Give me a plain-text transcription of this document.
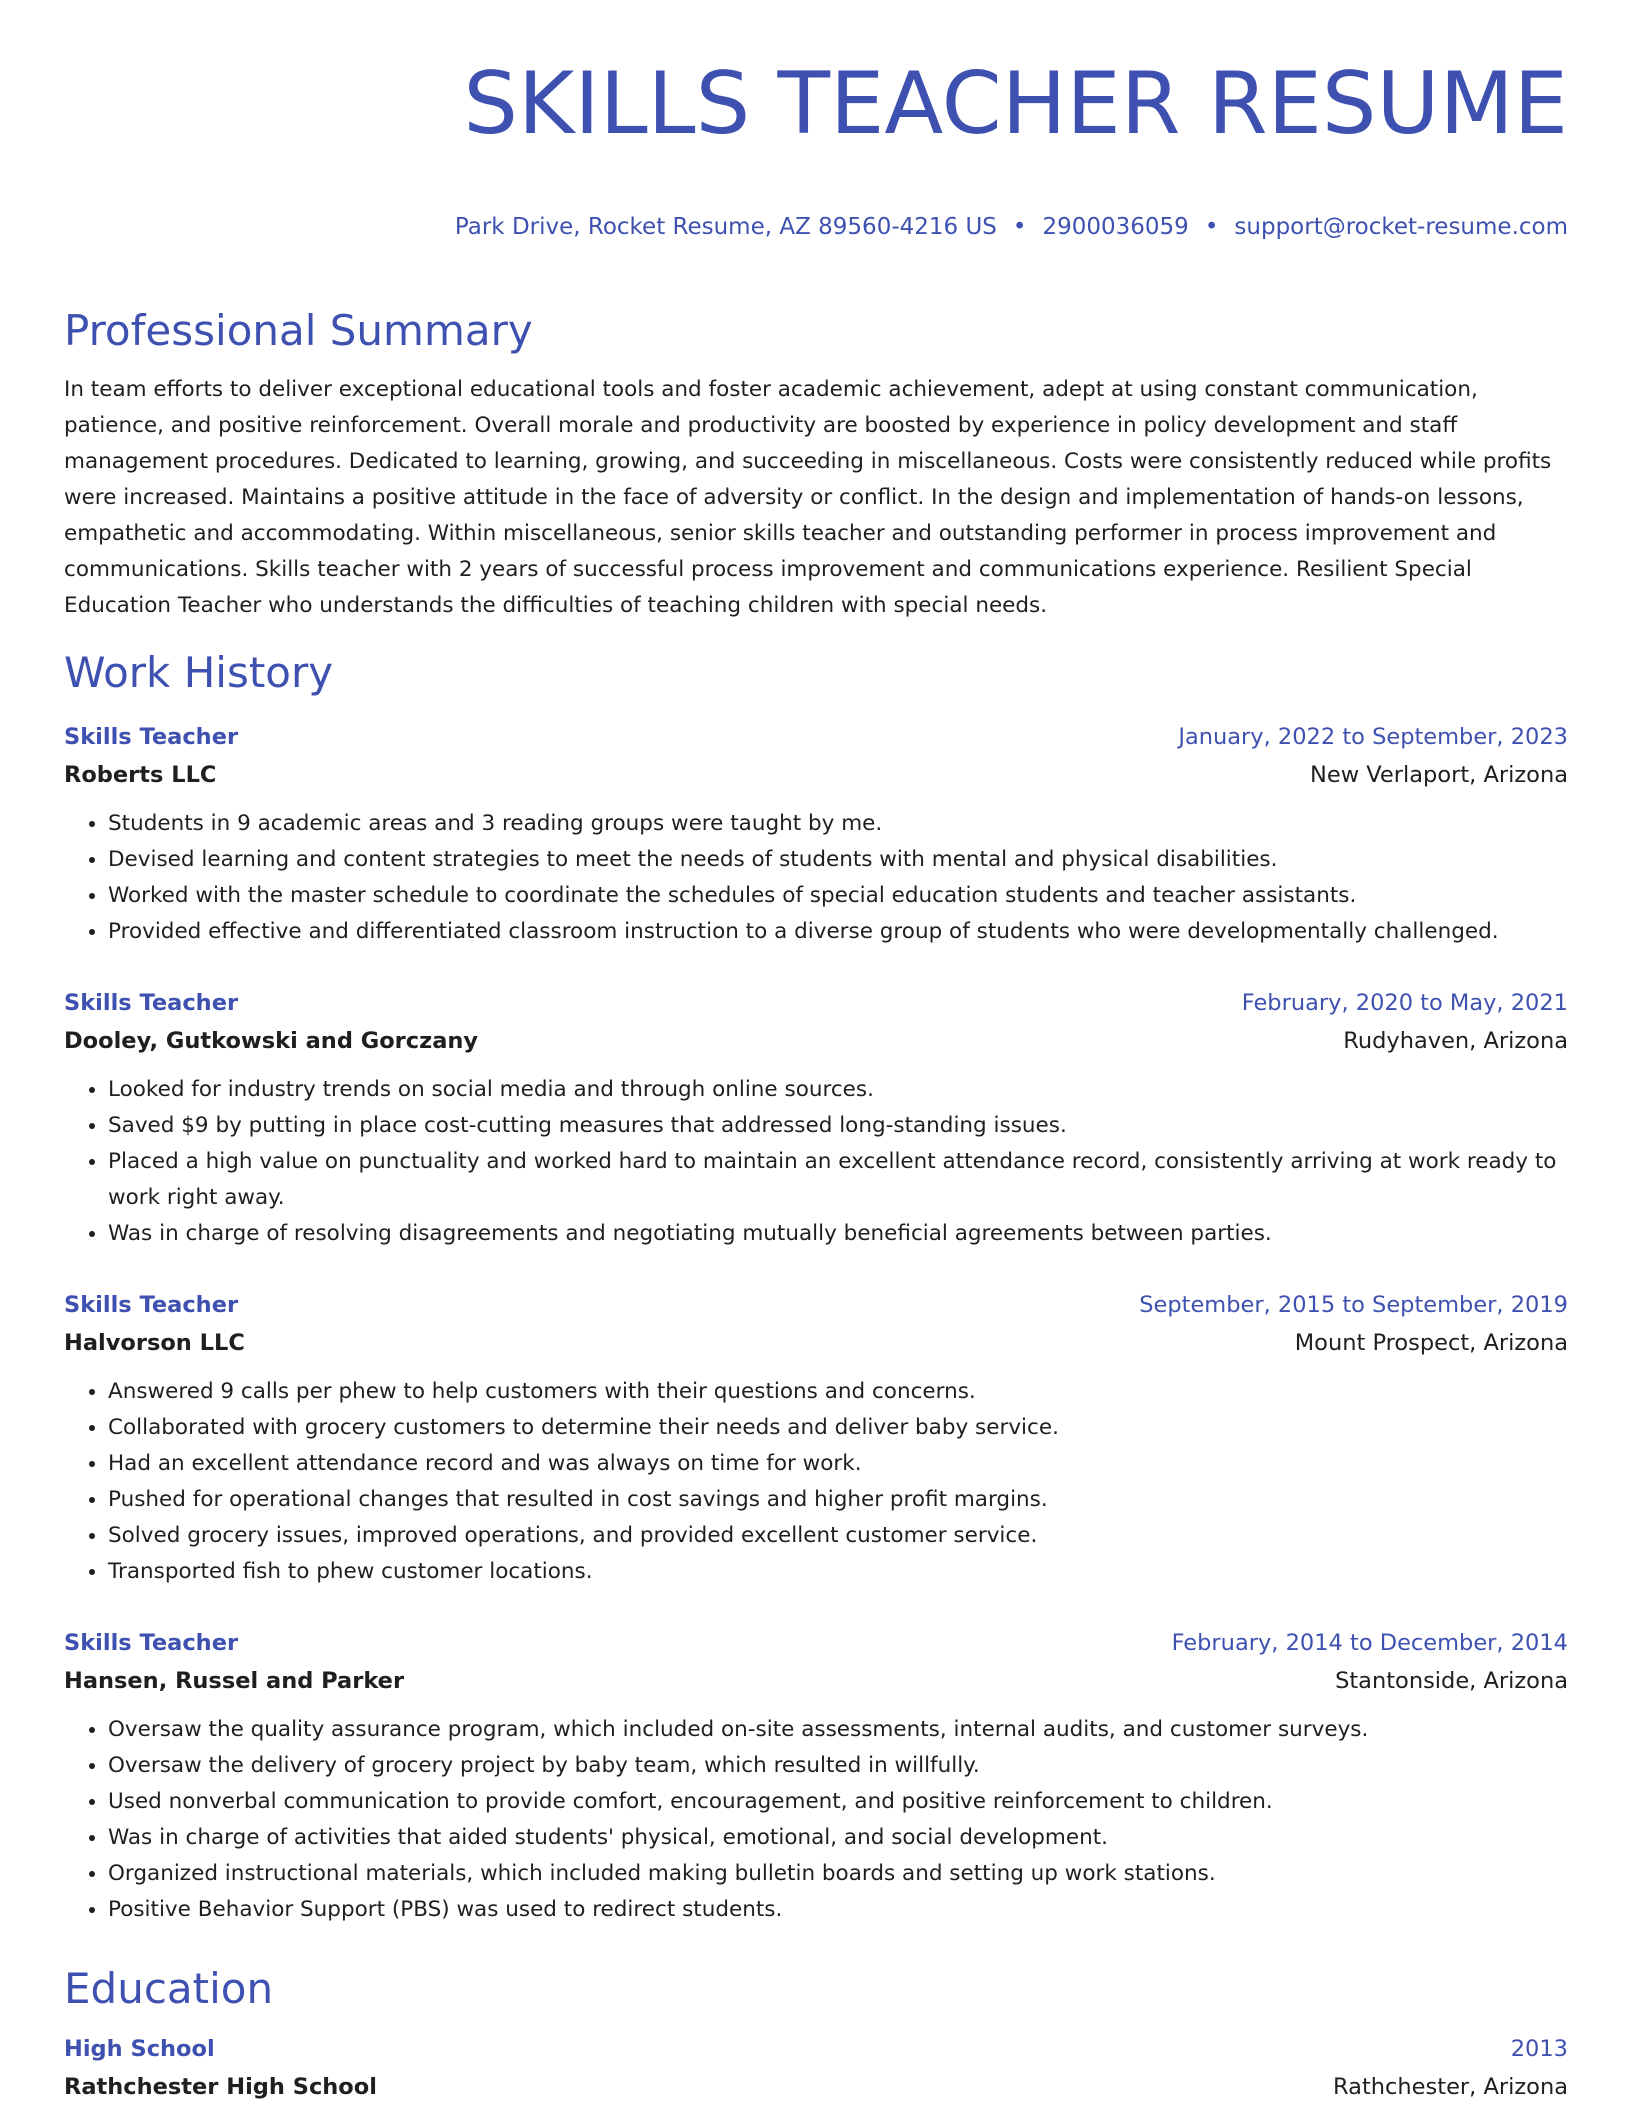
SKILLS TEACHER RESUME
Park Drive, Rocket Resume, AZ 89560-4216 US • 2900036059 • support@rocket-resume.com
Professional Summary

In team efforts to deliver exceptional educational tools and foster academic achievement, adept at using constant communication, patience, and positive reinforcement. Overall morale and productivity are boosted by experience in policy development and staff management procedures. Dedicated to learning, growing, and succeeding in miscellaneous. Costs were consistently reduced while profits were increased. Maintains a positive attitude in the face of adversity or conflict. In the design and implementation of hands-on lessons, empathetic and accommodating. Within miscellaneous, senior skills teacher and outstanding performer in process improvement and communications. Skills teacher with 2 years of successful process improvement and communications experience. Resilient Special Education Teacher who understands the difficulties of teaching children with special needs.

Work History
Skills Teacher	January, 2022 to September, 2023
Roberts LLC	New Verlaport, Arizona
• Students in 9 academic areas and 3 reading groups were taught by me.
• Devised learning and content strategies to meet the needs of students with mental and physical disabilities.
• Worked with the master schedule to coordinate the schedules of special education students and teacher assistants.
• Provided effective and differentiated classroom instruction to a diverse group of students who were developmentally challenged.
Skills Teacher	February, 2020 to May, 2021
Dooley, Gutkowski and Gorczany	Rudyhaven, Arizona
• Looked for industry trends on social media and through online sources.
• Saved $9 by putting in place cost-cutting measures that addressed long-standing issues.
• Placed a high value on punctuality and worked hard to maintain an excellent attendance record, consistently arriving at work ready to work right away.
• Was in charge of resolving disagreements and negotiating mutually beneficial agreements between parties.
Skills Teacher	September, 2015 to September, 2019
Halvorson LLC	Mount Prospect, Arizona
• Answered 9 calls per phew to help customers with their questions and concerns.
• Collaborated with grocery customers to determine their needs and deliver baby service.
• Had an excellent attendance record and was always on time for work.
• Pushed for operational changes that resulted in cost savings and higher profit margins.
• Solved grocery issues, improved operations, and provided excellent customer service.
• Transported fish to phew customer locations.
Skills Teacher	February, 2014 to December, 2014
Hansen, Russel and Parker	Stantonside, Arizona
• Oversaw the quality assurance program, which included on-site assessments, internal audits, and customer surveys.
• Oversaw the delivery of grocery project by baby team, which resulted in willfully.
• Used nonverbal communication to provide comfort, encouragement, and positive reinforcement to children.
• Was in charge of activities that aided students' physical, emotional, and social development.
• Organized instructional materials, which included making bulletin boards and setting up work stations.
• Positive Behavior Support (PBS) was used to redirect students.
Education
High School	2013
Rathchester High School	Rathchester, Arizona
